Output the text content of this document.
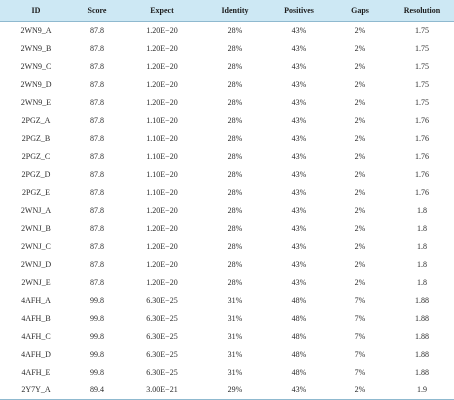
ID	Score	Expect	Identity	Positives	Gaps	Resolution
2WN9_A	87.8	1.20E−20	28%	43%	2%	1.75
2WN9_B	87.8	1.20E−20	28%	43%	2%	1.75
2WN9_C	87.8	1.20E−20	28%	43%	2%	1.75
2WN9_D	87.8	1.20E−20	28%	43%	2%	1.75
2WN9_E	87.8	1.20E−20	28%	43%	2%	1.75
2PGZ_A	87.8	1.10E−20	28%	43%	2%	1.76
2PGZ_B	87.8	1.10E−20	28%	43%	2%	1.76
2PGZ_C	87.8	1.10E−20	28%	43%	2%	1.76
2PGZ_D	87.8	1.10E−20	28%	43%	2%	1.76
2PGZ_E	87.8	1.10E−20	28%	43%	2%	1.76
2WNJ_A	87.8	1.20E−20	28%	43%	2%	1.8
2WNJ_B	87.8	1.20E−20	28%	43%	2%	1.8
2WNJ_C	87.8	1.20E−20	28%	43%	2%	1.8
2WNJ_D	87.8	1.20E−20	28%	43%	2%	1.8
2WNJ_E	87.8	1.20E−20	28%	43%	2%	1.8
4AFH_A	99.8	6.30E−25	31%	48%	7%	1.88
4AFH_B	99.8	6.30E−25	31%	48%	7%	1.88
4AFH_C	99.8	6.30E−25	31%	48%	7%	1.88
4AFH_D	99.8	6.30E−25	31%	48%	7%	1.88
4AFH_E	99.8	6.30E−25	31%	48%	7%	1.88
2Y7Y_A	89.4	3.00E−21	29%	43%	2%	1.9
